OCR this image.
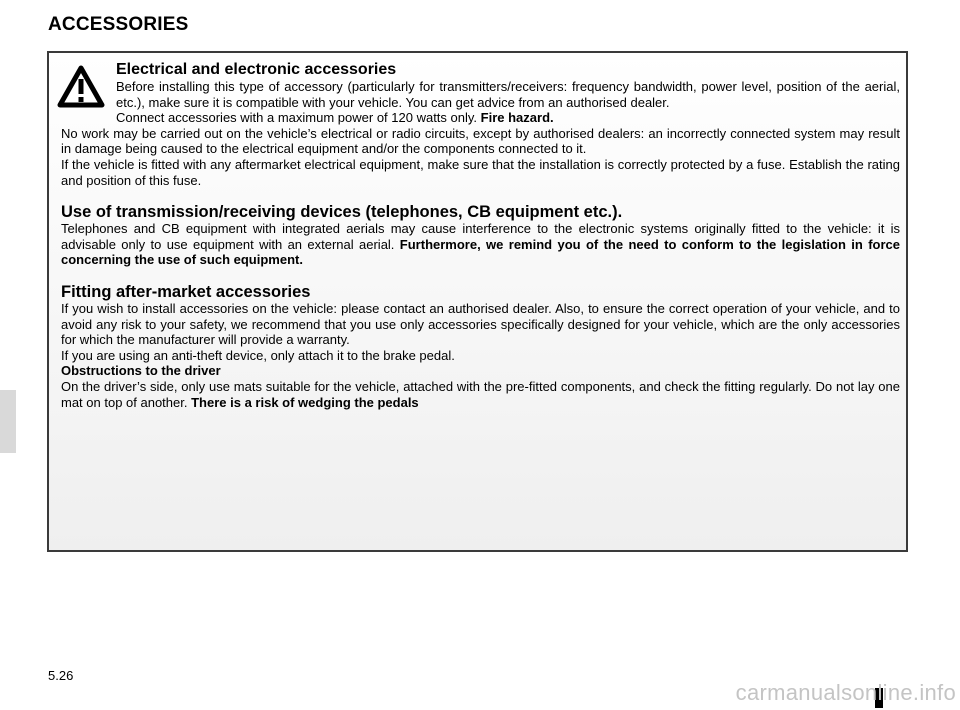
ACCESSORIES

Electrical and electronic accessories

Before installing this type of accessory (particularly for transmitters/receivers: frequency bandwidth, power level, position of the aerial, etc.), make sure it is compatible with your vehicle. You can get advice from an authorised dealer.

Connect accessories with a maximum power of 120 watts only. Fire hazard.

No work may be carried out on the vehicle’s electrical or radio circuits, except by authorised dealers: an incorrectly connected system may result in damage being caused to the electrical equipment and/or the components connected to it.

If the vehicle is fitted with any aftermarket electrical equipment, make sure that the installation is correctly protected by a fuse. Establish the rating and position of this fuse.

Use of transmission/receiving devices (telephones, CB equipment etc.).

Telephones and CB equipment with integrated aerials may cause interference to the electronic systems originally fitted to the vehicle: it is advisable only to use equipment with an external aerial. Furthermore, we remind you of the need to conform to the legislation in force concerning the use of such equipment.

Fitting after-market accessories

If you wish to install accessories on the vehicle: please contact an authorised dealer. Also, to ensure the correct operation of your vehicle, and to avoid any risk to your safety, we recommend that you use only accessories specifically designed for your vehicle, which are the only accessories for which the manufacturer will provide a warranty.

If you are using an anti-theft device, only attach it to the brake pedal.

Obstructions to the driver

On the driver’s side, only use mats suitable for the vehicle, attached with the pre-fitted components, and check the fitting regularly. Do not lay one mat on top of another. There is a risk of wedging the pedals

5.26
carmanualsonline.info
